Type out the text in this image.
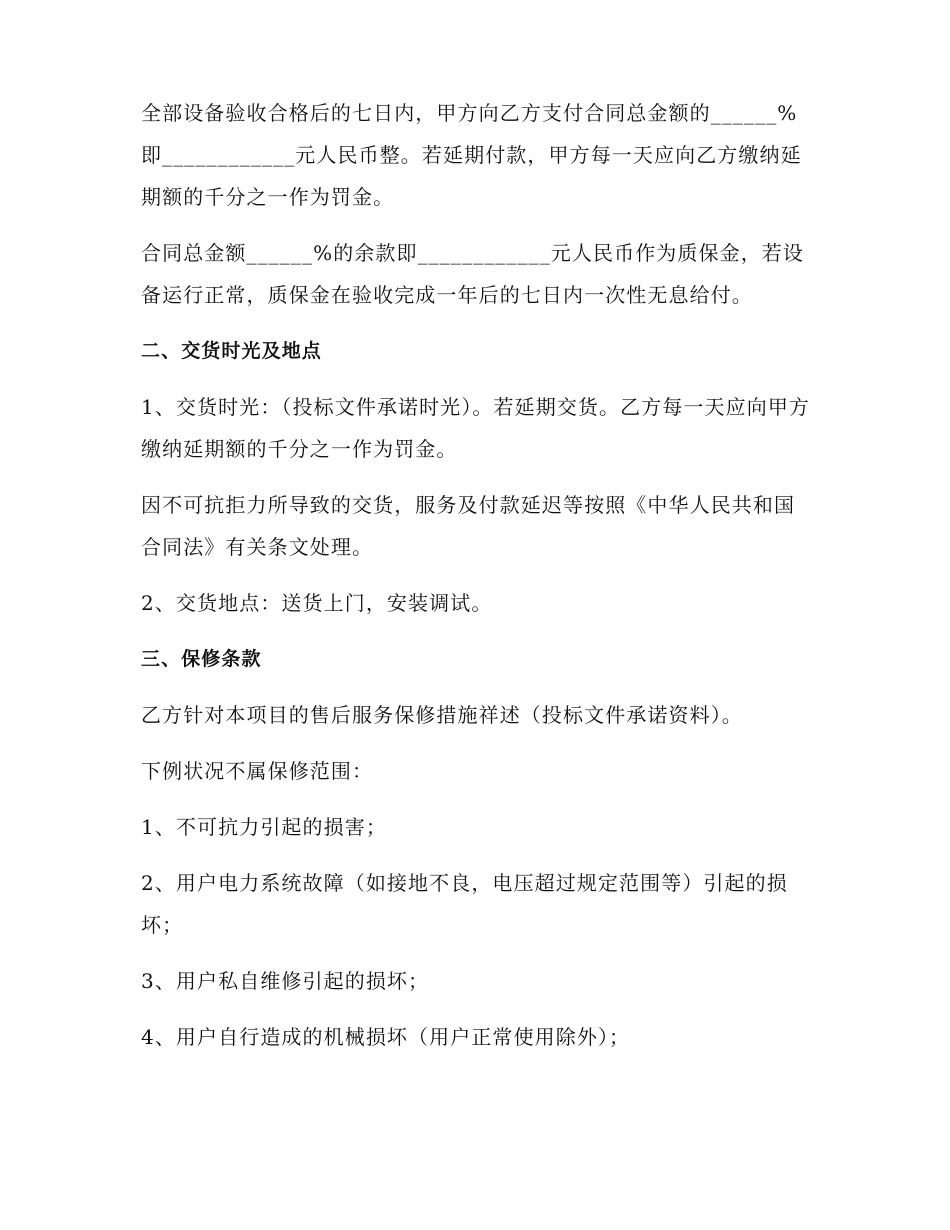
全部设备验收合格后的七日内，甲方向乙方支付合同总金额的______%即____________元人民币整。若延期付款，甲方每一天应向乙方缴纳延期额的千分之一作为罚金。

合同总金额______%的余款即____________元人民币作为质保金，若设备运行正常，质保金在验收完成一年后的七日内一次性无息给付。

二、交货时光及地点

1、交货时光：（投标文件承诺时光）。若延期交货。乙方每一天应向甲方缴纳延期额的千分之一作为罚金。

因不可抗拒力所导致的交货，服务及付款延迟等按照《中华人民共和国合同法》有关条文处理。

2、交货地点：送货上门，安装调试。

三、保修条款

乙方针对本项目的售后服务保修措施祥述（投标文件承诺资料）。

下例状况不属保修范围：

1、不可抗力引起的损害；

2、用户电力系统故障（如接地不良，电压超过规定范围等）引起的损坏；

3、用户私自维修引起的损坏；

4、用户自行造成的机械损坏（用户正常使用除外）；
